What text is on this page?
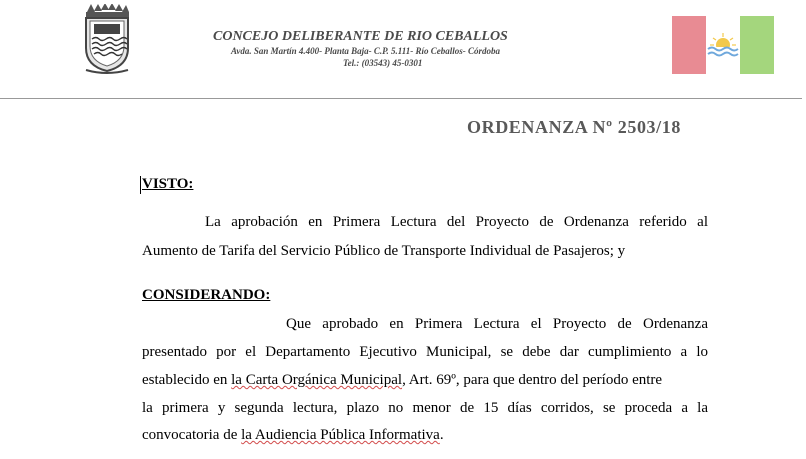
CONCEJO DELIBERANTE DE RIO CEBALLOS
Avda. San Martín 4.400- Planta Baja- C.P. 5.111- Río Ceballos- Córdoba
Tel.: (03543) 45-0301
ORDENANZA Nº 2503/18
VISTO:
La aprobación en Primera Lectura del Proyecto de Ordenanza referido al
Aumento de Tarifa del Servicio Público de Transporte Individual de Pasajeros; y
CONSIDERANDO:
Que aprobado en Primera Lectura el Proyecto de Ordenanza
presentado por el Departamento Ejecutivo Municipal, se debe dar cumplimiento a lo
establecido en la Carta Orgánica Municipal, Art. 69º, para que dentro del período entre
la primera y segunda lectura, plazo no menor de 15 días corridos, se proceda a la
convocatoria de la Audiencia Pública Informativa.
